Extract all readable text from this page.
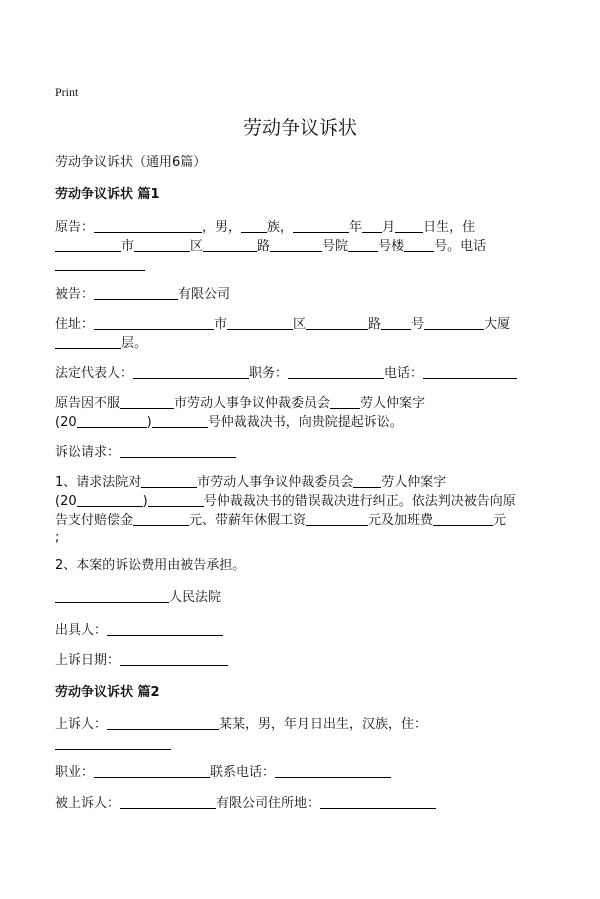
Print
劳动争议诉状
劳动争议诉状（通用6篇）
劳动争议诉状 篇1
原告：	，男， 族，	年 月 日生，住
市	区	路	号院 号楼 号。电话
被告：	有限公司
住址：	市	区	路 号	大厦
层。
法定代表人：	职务：	电话：
原告因不服	市劳动人事争议仲裁委员会 劳人仲案字
(20	)	号仲裁裁决书，向贵院提起诉讼。
诉讼请求：
1、请求法院对	市劳动人事争议仲裁委员会 劳人仲案字
(20	)	号仲裁裁决书的错误裁决进行纠正。依法判决被告向原
告支付赔偿金	元、带薪年休假工资	元及加班费	元
;
2、本案的诉讼费用由被告承担。
人民法院
出具人：
上诉日期：
劳动争议诉状 篇2
上诉人：	某某，男，年月日出生，汉族，住：
职业：	联系电话：
被上诉人：	有限公司住所地：
